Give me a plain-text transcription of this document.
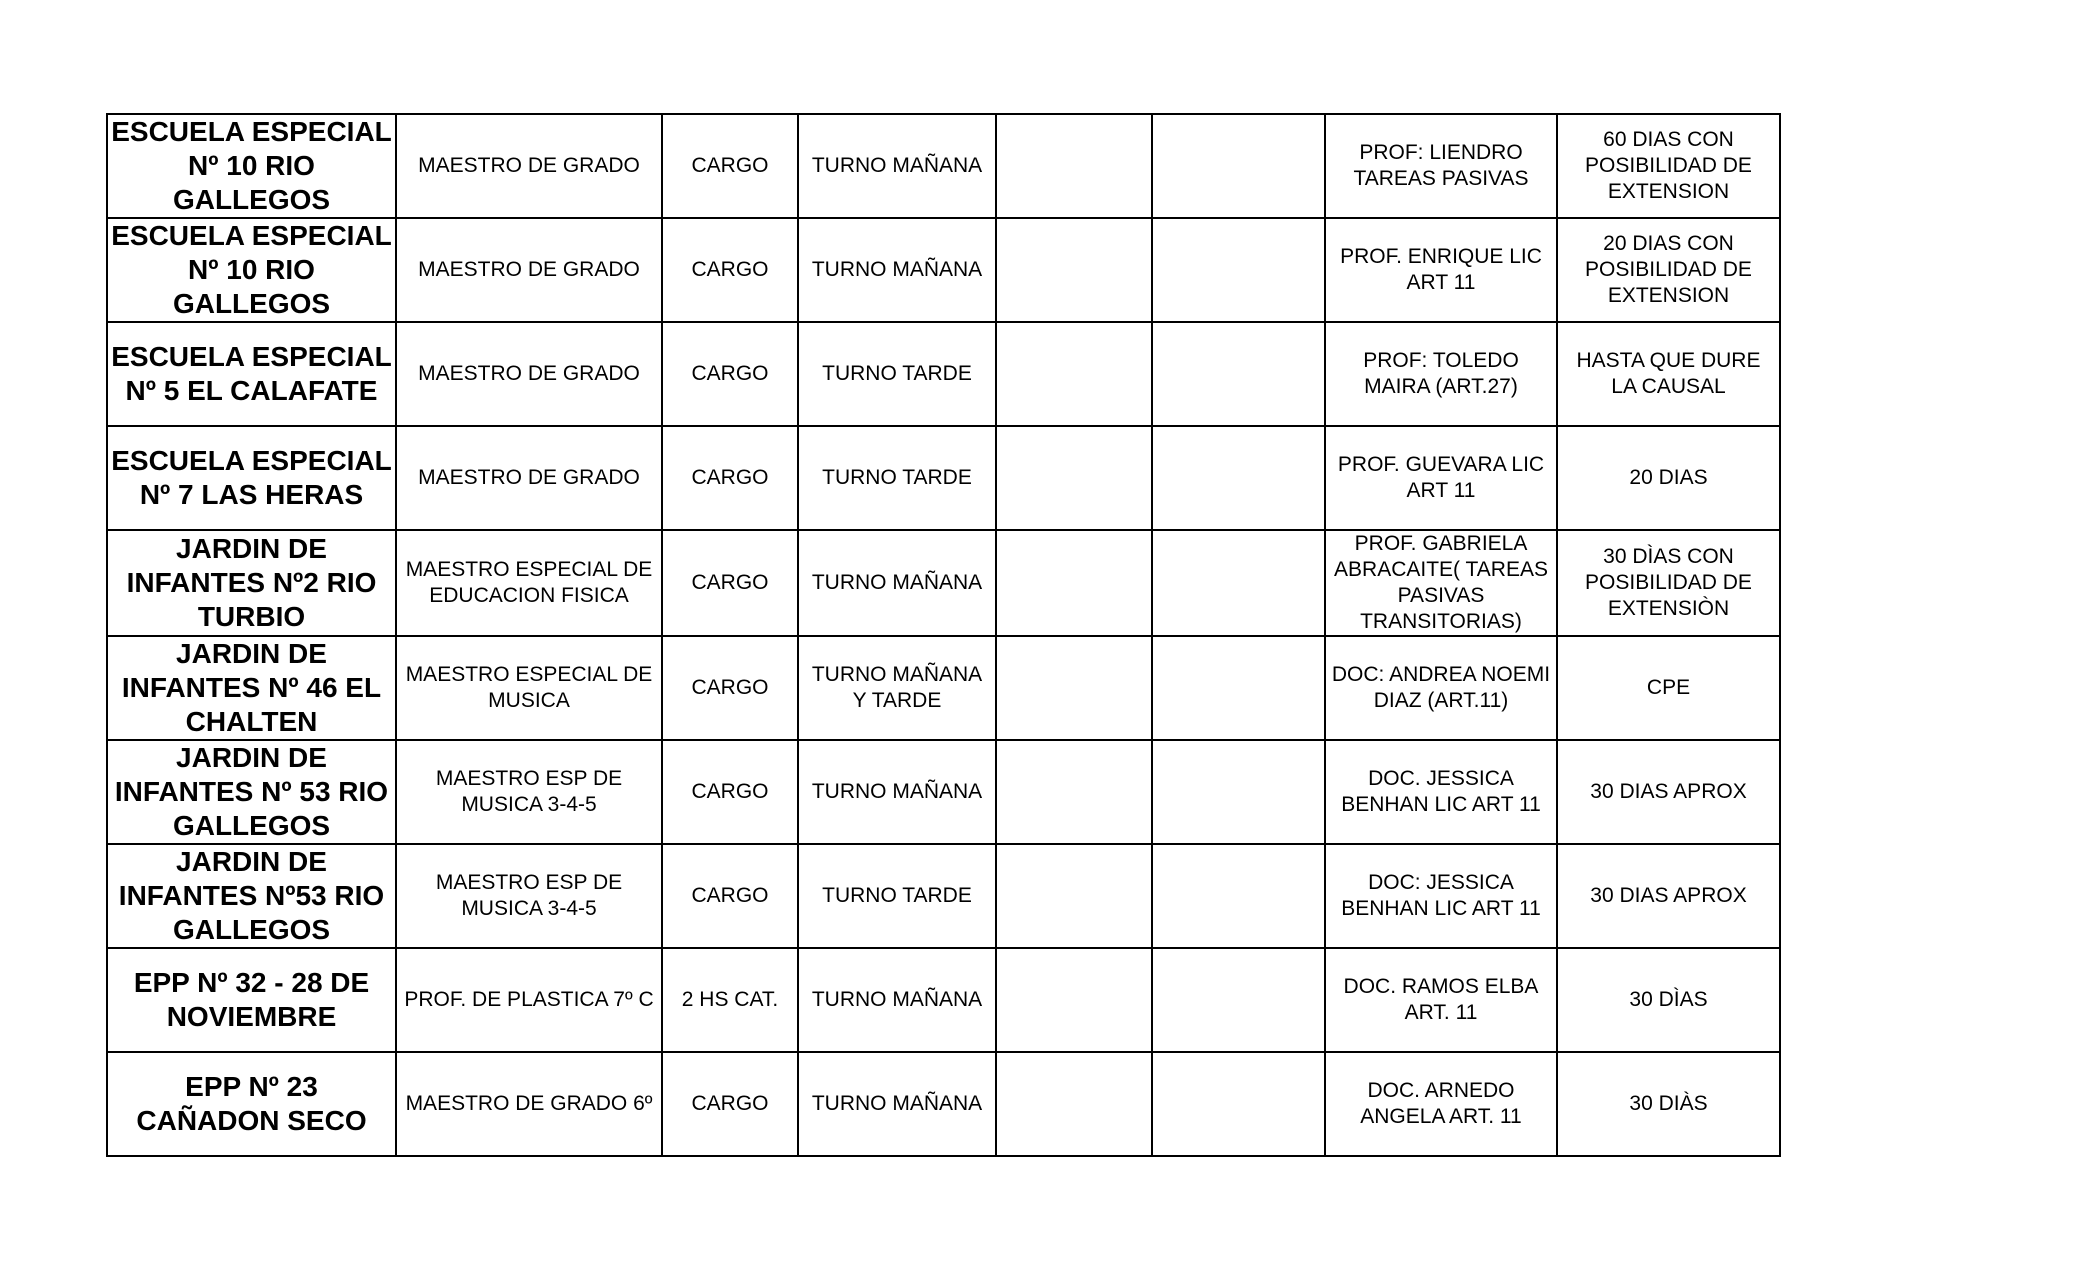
ESCUELA ESPECIAL Nº 10 RIO GALLEGOS	MAESTRO DE GRADO	CARGO	TURNO MAÑANA			PROF: LIENDRO TAREAS PASIVAS	60 DIAS CON POSIBILIDAD DE EXTENSION
ESCUELA ESPECIAL Nº 10 RIO GALLEGOS	MAESTRO DE GRADO	CARGO	TURNO MAÑANA			PROF. ENRIQUE LIC ART 11	20 DIAS CON POSIBILIDAD DE EXTENSION
ESCUELA ESPECIAL Nº 5 EL CALAFATE	MAESTRO DE GRADO	CARGO	TURNO TARDE			PROF: TOLEDO MAIRA (ART.27)	HASTA QUE DURE LA CAUSAL
ESCUELA ESPECIAL Nº 7 LAS HERAS	MAESTRO DE GRADO	CARGO	TURNO TARDE			PROF. GUEVARA LIC ART 11	20 DIAS
JARDIN DE INFANTES Nº2 RIO TURBIO	MAESTRO ESPECIAL DE EDUCACION FISICA	CARGO	TURNO MAÑANA			PROF. GABRIELA ABRACAITE( TAREAS PASIVAS TRANSITORIAS)	30 DÌAS CON POSIBILIDAD DE EXTENSIÒN
JARDIN DE INFANTES Nº 46 EL CHALTEN	MAESTRO ESPECIAL DE MUSICA	CARGO	TURNO MAÑANA Y TARDE			DOC: ANDREA NOEMI DIAZ (ART.11)	CPE
JARDIN DE INFANTES Nº 53 RIO GALLEGOS	MAESTRO ESP DE MUSICA 3-4-5	CARGO	TURNO MAÑANA			DOC. JESSICA BENHAN LIC ART 11	30 DIAS APROX
JARDIN DE INFANTES Nº53 RIO GALLEGOS	MAESTRO ESP DE MUSICA 3-4-5	CARGO	TURNO TARDE			DOC: JESSICA BENHAN LIC ART 11	30 DIAS APROX
EPP Nº 32 - 28 DE NOVIEMBRE	PROF. DE PLASTICA 7º C	2 HS CAT.	TURNO MAÑANA			DOC. RAMOS ELBA ART. 11	30 DÌAS
EPP Nº 23 CAÑADON SECO	MAESTRO DE GRADO 6º	CARGO	TURNO MAÑANA			DOC. ARNEDO ANGELA ART. 11	30 DIÀS
